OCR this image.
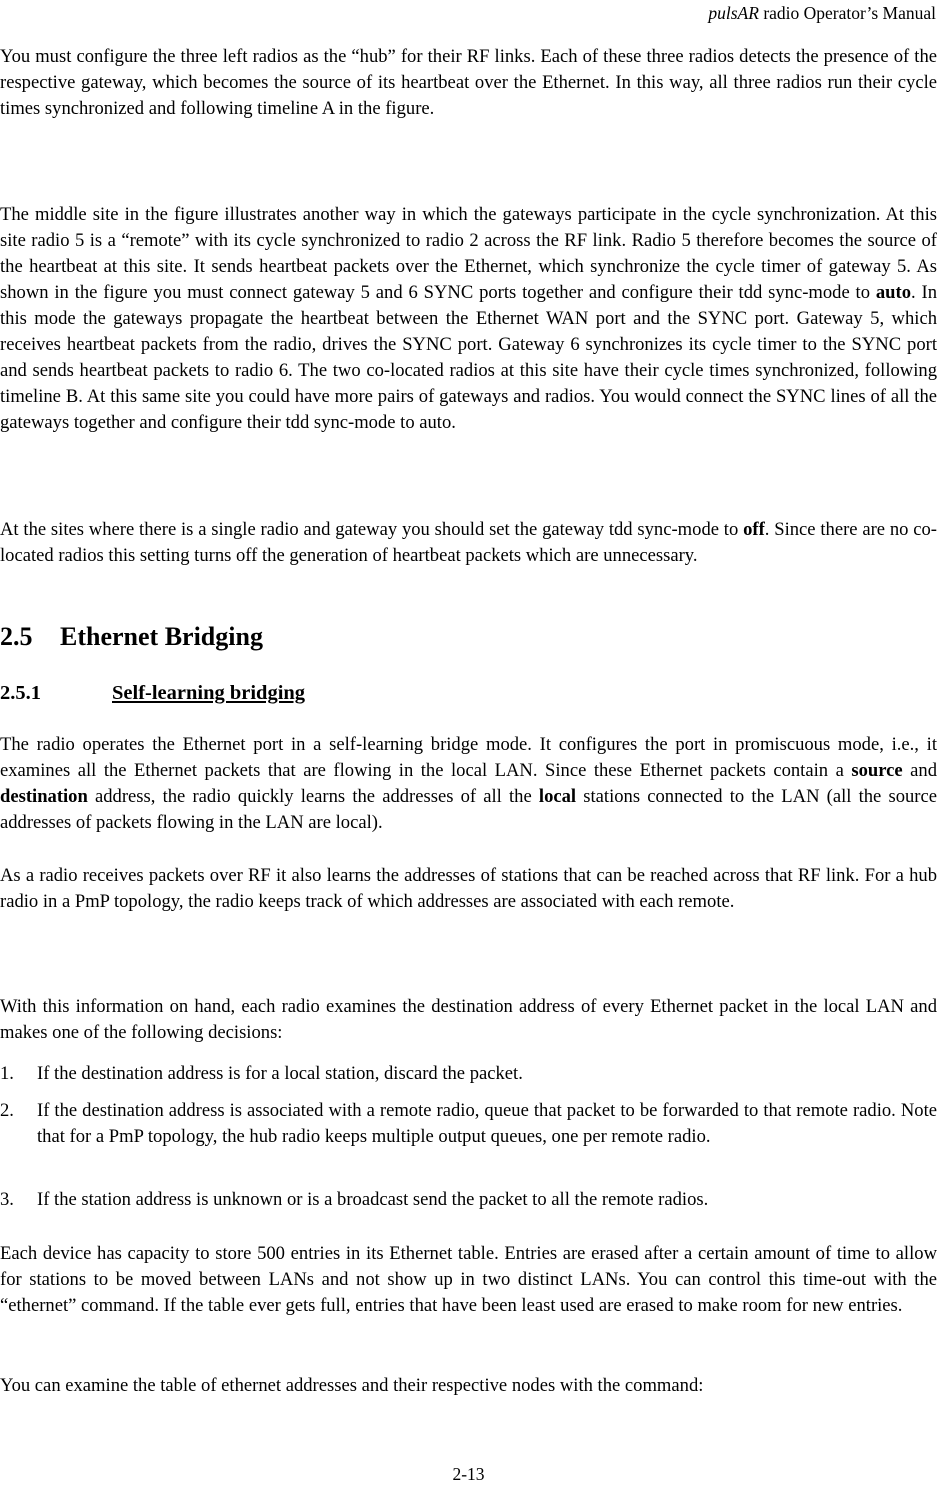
pulsAR radio Operator’s Manual

You must configure the three left radios as the “hub” for their RF links. Each of these three radios detects the presence of the respective gateway, which becomes the source of its heartbeat over the Ethernet. In this way, all three radios run their cycle times synchronized and following timeline A in the figure.

The middle site in the figure illustrates another way in which the gateways participate in the cycle synchronization. At this site radio 5 is a “remote” with its cycle synchronized to radio 2 across the RF link. Radio 5 therefore becomes the source of the heartbeat at this site. It sends heartbeat packets over the Ethernet, which synchronize the cycle timer of gateway 5. As shown in the figure you must connect gateway 5 and 6 SYNC ports together and configure their tdd sync-mode to auto. In this mode the gateways propagate the heartbeat between the Ethernet WAN port and the SYNC port. Gateway 5, which receives heartbeat packets from the radio, drives the SYNC port. Gateway 6 synchronizes its cycle timer to the SYNC port and sends heartbeat packets to radio 6. The two co-located radios at this site have their cycle times synchronized, following timeline B. At this same site you could have more pairs of gateways and radios. You would connect the SYNC lines of all the gateways together and configure their tdd sync-mode to auto.

At the sites where there is a single radio and gateway you should set the gateway tdd sync-mode to off. Since there are no co-located radios this setting turns off the generation of heartbeat packets which are unnecessary.

2.5 Ethernet Bridging
2.5.1	Self-learning bridging

The radio operates the Ethernet port in a self-learning bridge mode. It configures the port in promiscuous mode, i.e., it examines all the Ethernet packets that are flowing in the local LAN. Since these Ethernet packets contain a source and destination address, the radio quickly learns the addresses of all the local stations connected to the LAN (all the source addresses of packets flowing in the LAN are local).

As a radio receives packets over RF it also learns the addresses of stations that can be reached across that RF link. For a hub radio in a PmP topology, the radio keeps track of which addresses are associated with each remote.

With this information on hand, each radio examines the destination address of every Ethernet packet in the local LAN and makes one of the following decisions:

1. If the destination address is for a local station, discard the packet.
2. If the destination address is associated with a remote radio, queue that packet to be forwarded to that remote radio. Note that for a PmP topology, the hub radio keeps multiple output queues, one per remote radio.
3. If the station address is unknown or is a broadcast send the packet to all the remote radios.

Each device has capacity to store 500 entries in its Ethernet table. Entries are erased after a certain amount of time to allow for stations to be moved between LANs and not show up in two distinct LANs. You can control this time-out with the “ethernet” command. If the table ever gets full, entries that have been least used are erased to make room for new entries.

You can examine the table of ethernet addresses and their respective nodes with the command:

2-13
